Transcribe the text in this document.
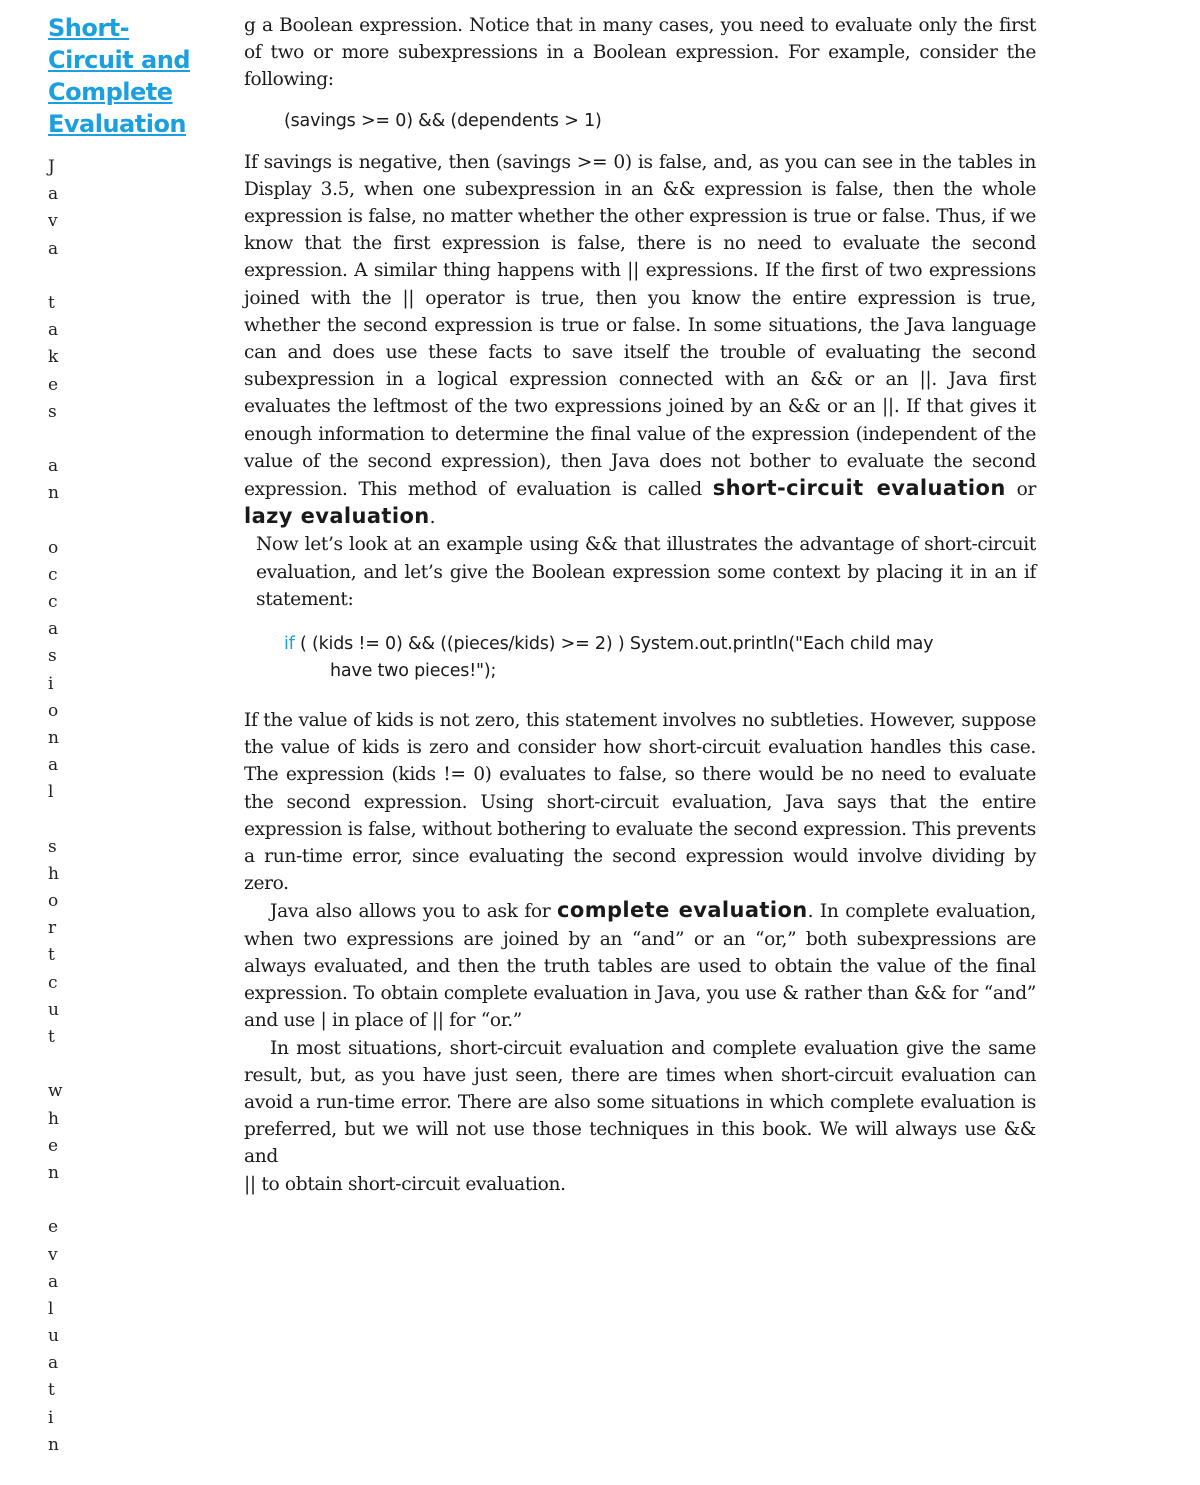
Short-
Circuit and
Complete
Evaluation
J
a
v
a

t
a
k
e
s

a
n

o
c
c
a
s
i
o
n
a
l

s
h
o
r
t
c
u
t

w
h
e
n

e
v
a
l
u
a
t
i
n

g a Boolean expression. Notice that in many cases, you need to evaluate only the first of two or more subexpressions in a Boolean expression. For example, consider the following:

(savings >= 0) && (dependents > 1)

If savings is negative, then (savings >= 0) is false, and, as you can see in the tables in Display 3.5, when one subexpression in an && expression is false, then the whole expression is false, no matter whether the other expression is true or false. Thus, if we know that the first expression is false, there is no need to evaluate the second expression. A similar thing happens with || expressions. If the first of two expressions joined with the || operator is true, then you know the entire expression is true, whether the second expression is true or false. In some situations, the Java language can and does use these facts to save itself the trouble of evaluating the second subexpression in a logical expression connected with an && or an ||. Java first evaluates the leftmost of the two expressions joined by an && or an ||. If that gives it enough information to determine the final value of the expression (independent of the value of the second expression), then Java does not bother to evaluate the second expression. This method of evaluation is called short-circuit evaluation or lazy evaluation.

Now let’s look at an example using && that illustrates the advantage of short-circuit evaluation, and let’s give the Boolean expression some context by placing it in an if statement:

if ( (kids != 0) && ((pieces/kids) >= 2) ) System.out.println("Each child may
have two pieces!");

If the value of kids is not zero, this statement involves no subtleties. However, suppose the value of kids is zero and consider how short-circuit evaluation handles this case. The expression (kids != 0) evaluates to false, so there would be no need to evaluate the second expression. Using short-circuit evaluation, Java says that the entire expression is false, without bothering to evaluate the second expression. This prevents a run-time error, since evaluating the second expression would involve dividing by zero.

Java also allows you to ask for complete evaluation. In complete evaluation, when two expressions are joined by an “and” or an “or,” both subexpressions are always evaluated, and then the truth tables are used to obtain the value of the final expression. To obtain complete evaluation in Java, you use & rather than && for “and” and use | in place of || for “or.”

In most situations, short-circuit evaluation and complete evaluation give the same result, but, as you have just seen, there are times when short-circuit evaluation can avoid a run-time error. There are also some situations in which complete evaluation is preferred, but we will not use those techniques in this book. We will always use && and

|| to obtain short-circuit evaluation.
